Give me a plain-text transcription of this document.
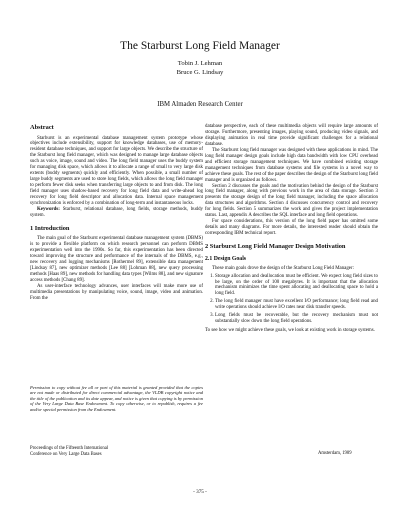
The Starburst Long Field Manager
Tobin J. Lehman
Bruce G. Lindsay
IBM Almaden Research Center
Abstract

Starburst is an experimental database management system prototype whose objectives include extensibility, support for knowledge databases, use of memory-resident database techniques, and support for large objects. We describe the structure of the Starburst long field manager, which was designed to manage large database objects such as voice, image, sound and video. The long field manager uses the buddy system for managing disk space, which allows it to allocate a range of small to very large disk extents (buddy segments) quickly and efficiently. When possible, a small number of large buddy segments are used to store long fields, which allows the long field manager to perform fewer disk seeks when transferring large objects to and from disk. The long field manager uses shadow-based recovery for long field data and write-ahead log recovery for long field descriptor and allocation data. Internal space management synchronization is enforced by a combination of long-term and instantaneous locks.

Keywords: Starburst, relational database, long fields, storage methods, buddy system.

1 Introduction

The main goal of the Starburst experimental database management system (DBMS) is to provide a flexible platform on which research personnel can perform DBMS experimentation well into the 1990s. So far, this experimentation has been directed toward improving the structure and performance of the internals of the DBMS, e.g., new recovery and logging mechanisms [Rothermel 89], extensible data management [Lindsay 87], new optimizer methods [Lee 88] [Lohman 88], new query processing methods [Haas 89], new methods for handling data types [Wilms 88], and new signature access methods [Chang 89].

As user-interface technology advances, user interfaces will make more use of multimedia presentations by manipulating voice, sound, image, video and animation. From the

database perspective, each of these multimedia objects will require large amounts of storage. Furthermore, presenting images, playing sound, producing video signals, and displaying animation in real time provide significant challenges for a relational database.

The Starburst long field manager was designed with these applications in mind. The long field manager design goals include high data bandwidth with low CPU overhead and efficient storage management techniques. We have combined existing storage management techniques from database systems and file systems in a novel way to achieve these goals. The rest of the paper describes the design of the Starburst long field manager and is organized as follows.

Section 2 discusses the goals and the motivation behind the design of the Starburst long field manager, along with previous work in the area of data storage. Section 3 presents the storage design of the long field manager, including the space allocation data structures and algorithms. Section 4 discusses concurrency control and recovery for long fields. Section 5 summarizes the work and gives the project implementation status. Last, appendix A describes the SQL interface and long field operations.

For space considerations, this version of the long field paper has omitted some details and many diagrams. For more details, the interested reader should obtain the corresponding IBM technical report.

2 Starburst Long Field Manager Design Motivation
2.1 Design Goals

These main goals drove the design of the Starburst Long Field Manager:

1. Storage allocation and deallocation must be efficient. We expect long field sizes to be large, on the order of 100 megabytes. It is important that the allocation mechanism minimizes the time spent allocating and deallocating space to hold a long field.
2. The long field manager must have excellent I/O performance; long field read and write operations should achieve I/O rates near disk transfer speeds.
3. Long fields must be recoverable, but the recovery mechanism must not substantially slow down the long field operations.

To see how we might achieve these goals, we look at existing work in storage systems.

Permission to copy without fee all or part of this material is granted provided that the copies are not made or distributed for direct commercial advantage, the VLDB copyright notice and the title of the publication and its date appear, and notice is given that copying is by permission of the Very Large Data Base Endowment. To copy otherwise, or to republish, requires a fee and/or special permission from the Endowment.
Proceedings of the Fifteenth International
Conference on Very Large Data Bases	Amsterdam, 1989
- 375 -
